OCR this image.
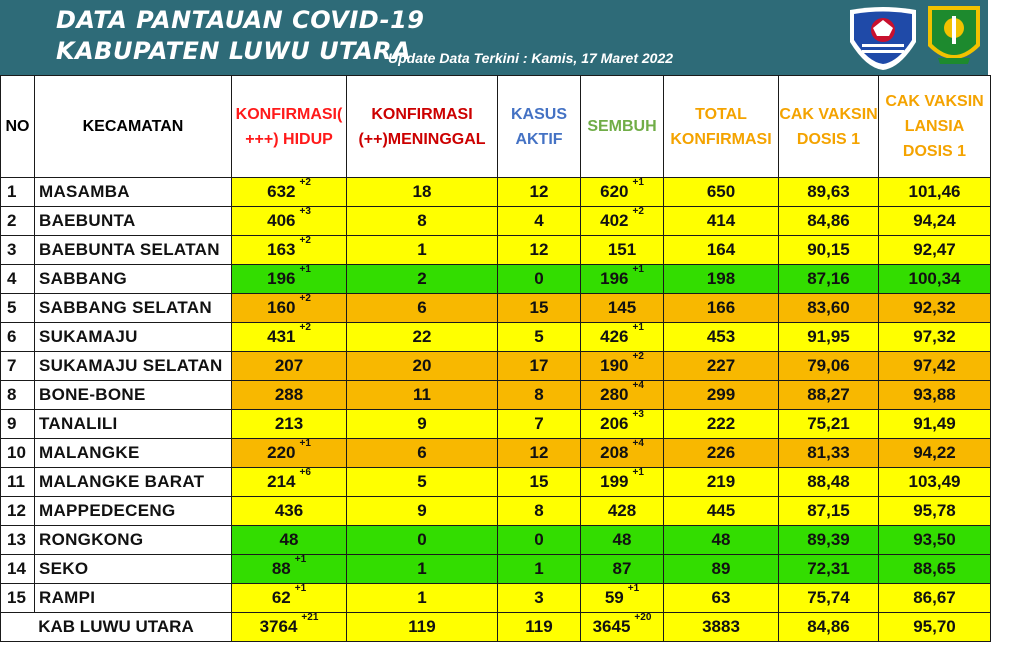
DATA PANTAUAN COVID-19
KABUPATEN LUWU UTARA
Update Data Terkini : Kamis, 17 Maret 2022
NO	KECAMATAN	KONFIRMASI( +++) HIDUP	KONFIRMASI (++)MENINGGAL	KASUS AKTIF	SEMBUH	TOTAL KONFIRMASI	CAK VAKSIN DOSIS 1	CAK VAKSIN LANSIA DOSIS 1
1	MASAMBA	632 $^{+2}$	18	12	620 $^{+1}$	650	89,63	101,46
2	BAEBUNTA	406 $^{+3}$	8	4	402 $^{+2}$	414	84,86	94,24
3	BAEBUNTA SELATAN	163 $^{+2}$	1	12	151	164	90,15	92,47
4	SABBANG	196 $^{+1}$	2	0	196 $^{+1}$	198	87,16	100,34
5	SABBANG SELATAN	160 $^{+2}$	6	15	145	166	83,60	92,32
6	SUKAMAJU	431 $^{+2}$	22	5	426 $^{+1}$	453	91,95	97,32
7	SUKAMAJU SELATAN	207	20	17	190 $^{+2}$	227	79,06	97,42
8	BONE-BONE	288	11	8	280 $^{+4}$	299	88,27	93,88
9	TANALILI	213	9	7	206 $^{+3}$	222	75,21	91,49
10	MALANGKE	220 $^{+1}$	6	12	208 $^{+4}$	226	81,33	94,22
11	MALANGKE BARAT	214 $^{+6}$	5	15	199 $^{+1}$	219	88,48	103,49
12	MAPPEDECENG	436	9	8	428	445	87,15	95,78
13	RONGKONG	48	0	0	48	48	89,39	93,50
14	SEKO	88 $^{+1}$	1	1	87	89	72,31	88,65
15	RAMPI	62 $^{+1}$	1	3	59 $^{+1}$	63	75,74	86,67
KAB LUWU UTARA		3764 $^{+21}$	119	119	3645 $^{+20}$	3883	84,86	95,70
